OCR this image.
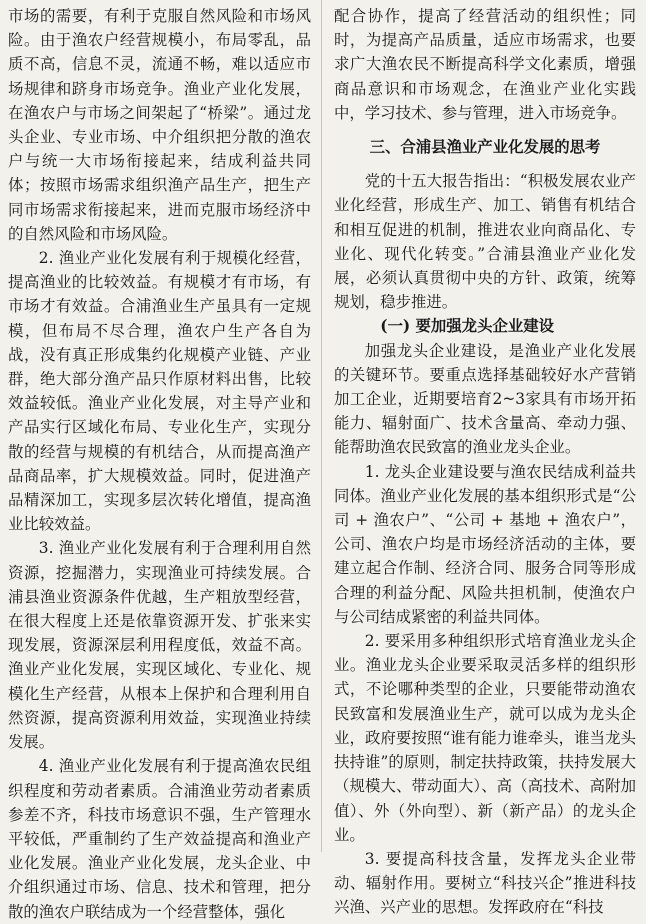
市场的需要，有利于克服自然风险和市场风险。由于渔农户经营规模小，布局零乱，品质不高，信息不灵，流通不畅，难以适应市场规律和跻身市场竞争。渔业产业化发展，在渔农户与市场之间架起了“桥梁”。通过龙头企业、专业市场、中介组织把分散的渔农户与统一大市场衔接起来，结成利益共同体；按照市场需求组织渔产品生产，把生产同市场需求衔接起来，进而克服市场经济中的自然风险和市场风险。

2. 渔业产业化发展有利于规模化经营，提高渔业的比较效益。有规模才有市场，有市场才有效益。合浦渔业生产虽具有一定规模，但布局不尽合理，渔农户生产各自为战，没有真正形成集约化规模产业链、产业群，绝大部分渔产品只作原材料出售，比较效益较低。渔业产业化发展，对主导产业和产品实行区域化布局、专业化生产，实现分散的经营与规模的有机结合，从而提高渔产品商品率，扩大规模效益。同时，促进渔产品精深加工，实现多层次转化增值，提高渔业比较效益。

3. 渔业产业化发展有利于合理利用自然资源，挖掘潜力，实现渔业可持续发展。合浦县渔业资源条件优越，生产粗放型经营，在很大程度上还是依靠资源开发、扩张来实现发展，资源深层利用程度低，效益不高。渔业产业化发展，实现区域化、专业化、规模化生产经营，从根本上保护和合理利用自然资源，提高资源利用效益，实现渔业持续发展。

4. 渔业产业化发展有利于提高渔农民组织程度和劳动者素质。合浦渔业劳动者素质参差不齐，科技市场意识不强，生产管理水平较低，严重制约了生产效益提高和渔业产业化发展。渔业产业化发展，龙头企业、中介组织通过市场、信息、技术和管理，把分散的渔农户联结成为一个经营整体，强化

配合协作，提高了经营活动的组织性；同时，为提高产品质量，适应市场需求，也要求广大渔农民不断提高科学文化素质，增强商品意识和市场观念，在渔业产业化实践中，学习技术、参与管理，进入市场竞争。

三、合浦县渔业产业化发展的思考

党的十五大报告指出：“积极发展农业产业化经营，形成生产、加工、销售有机结合和相互促进的机制，推进农业向商品化、专业化、现代化转变。”合浦县渔业产业化发展，必须认真贯彻中央的方针、政策，统筹规划，稳步推进。

(一) 要加强龙头企业建设

加强龙头企业建设，是渔业产业化发展的关键环节。要重点选择基础较好水产营销加工企业，近期要培育2~3家具有市场开拓能力、辐射面广、技术含量高、牵动力强、能帮助渔农民致富的渔业龙头企业。

1. 龙头企业建设要与渔农民结成利益共同体。渔业产业化发展的基本组织形式是“公司 + 渔农户”、“公司 + 基地 + 渔农户”，公司、渔农户均是市场经济活动的主体，要建立起合作制、经济合同、服务合同等形成合理的利益分配、风险共担机制，使渔农户与公司结成紧密的利益共同体。

2. 要采用多种组织形式培育渔业龙头企业。渔业龙头企业要采取灵活多样的组织形式，不论哪种类型的企业，只要能带动渔农民致富和发展渔业生产，就可以成为龙头企业，政府要按照“谁有能力谁牵头，谁当龙头扶持谁”的原则，制定扶持政策，扶持发展大（规模大、带动面大）、高（高技术、高附加值）、外（外向型）、新（新产品）的龙头企业。

3. 要提高科技含量，发挥龙头企业带动、辐射作用。要树立“科技兴企”推进科技兴渔、兴产业的思想。发挥政府在“科技
